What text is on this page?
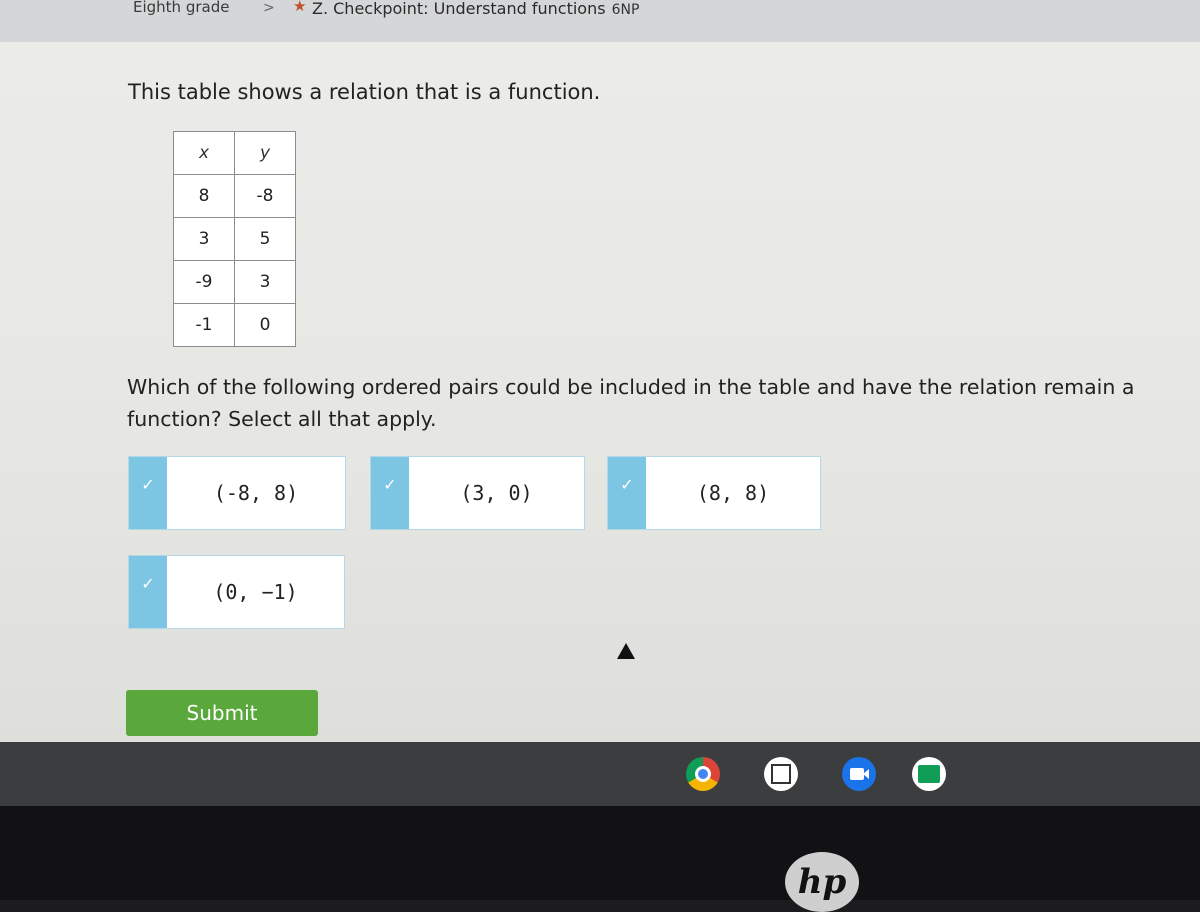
Eighth grade > ★ Z. Checkpoint: Understand functions 6NP
This table shows a relation that is a function.
x	y
8	-8
3	5
-9	3
-1	0
Which of the following ordered pairs could be included in the table and have the relation remain a function? Select all that apply.
✓	(-8, 8)	✓	(3, 0)	✓	(8, 8)
✓	(0, −1)
Submit
hp
